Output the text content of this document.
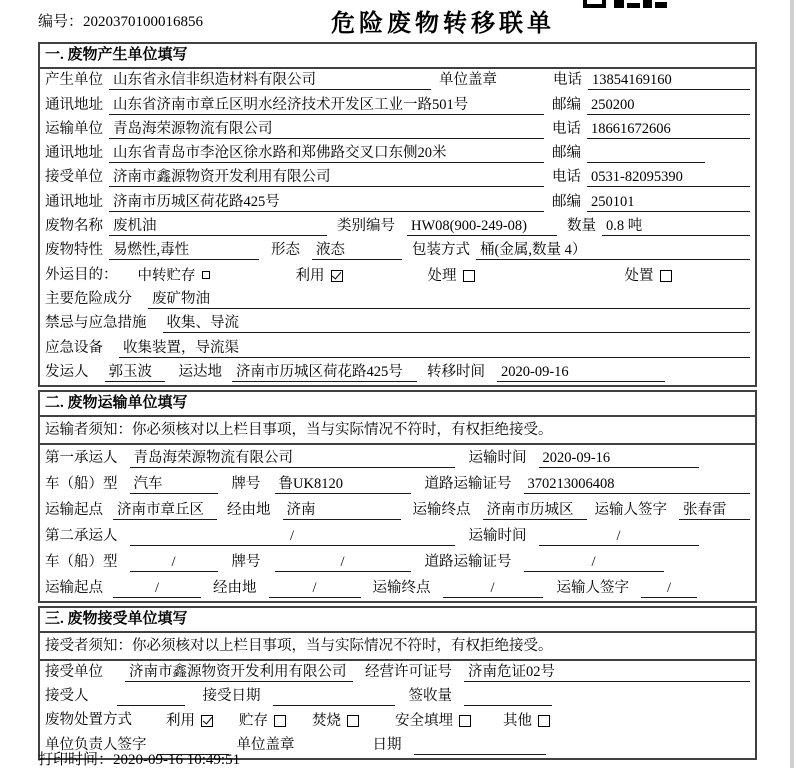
编号：2020370100016856	危险废物转移联单
一. 废物产生单位填写
产生单位 山东省永信非织造材料有限公司	单位盖章	电话 13854169160
通讯地址 山东省济南市章丘区明水经济技术开发区工业一路501号	邮编 250200
运输单位 青岛海荣源物流有限公司	电话 18661672606
通讯地址 山东省青岛市李沧区徐水路和郑佛路交叉口东侧20米	邮编
接受单位 济南市鑫源物资开发利用有限公司	电话 0531-82095390
通讯地址 济南市历城区荷花路425号	邮编 250101
废物名称 废机油	类别编号 HW08(900-249-08)	数量 0.8 吨
废物特性 易燃性,毒性	形态 液态	包装方式 桶(金属,数量 4）
外运目的： 中转贮存	利用	处理	处置
主要危险成分 废矿物油
禁忌与应急措施 收集、导流
应急设备 收集装置，导流渠
发运人 郭玉波	运达地 济南市历城区荷花路425号	转移时间 2020-09-16
二. 废物运输单位填写
运输者须知：你必须核对以上栏目事项，当与实际情况不符时，有权拒绝接受。
第一承运人 青岛海荣源物流有限公司	运输时间 2020-09-16
车（船）型 汽车	牌号 鲁UK8120	道路运输证号 370213006408
运输起点 济南市章丘区	经由地 济南	运输终点 济南市历城区	运输人签字 张春雷
第二承运人	/	运输时间	/
车（船）型	/	牌号	/	道路运输证号	/
运输起点	/	经由地	/	运输终点	/	运输人签字	/
三. 废物接受单位填写
接受者须知：你必须核对以上栏目事项，当与实际情况不符时，有权拒绝接受。
接受单位 济南市鑫源物资开发利用有限公司	经营许可证号 济南危证02号
接受人	接受日期	签收量
废物处置方式 利用	贮存	焚烧	安全填埋	其他
单位负责人签字	单位盖章	日期
打印时间：2020-09-16 10:49:51
